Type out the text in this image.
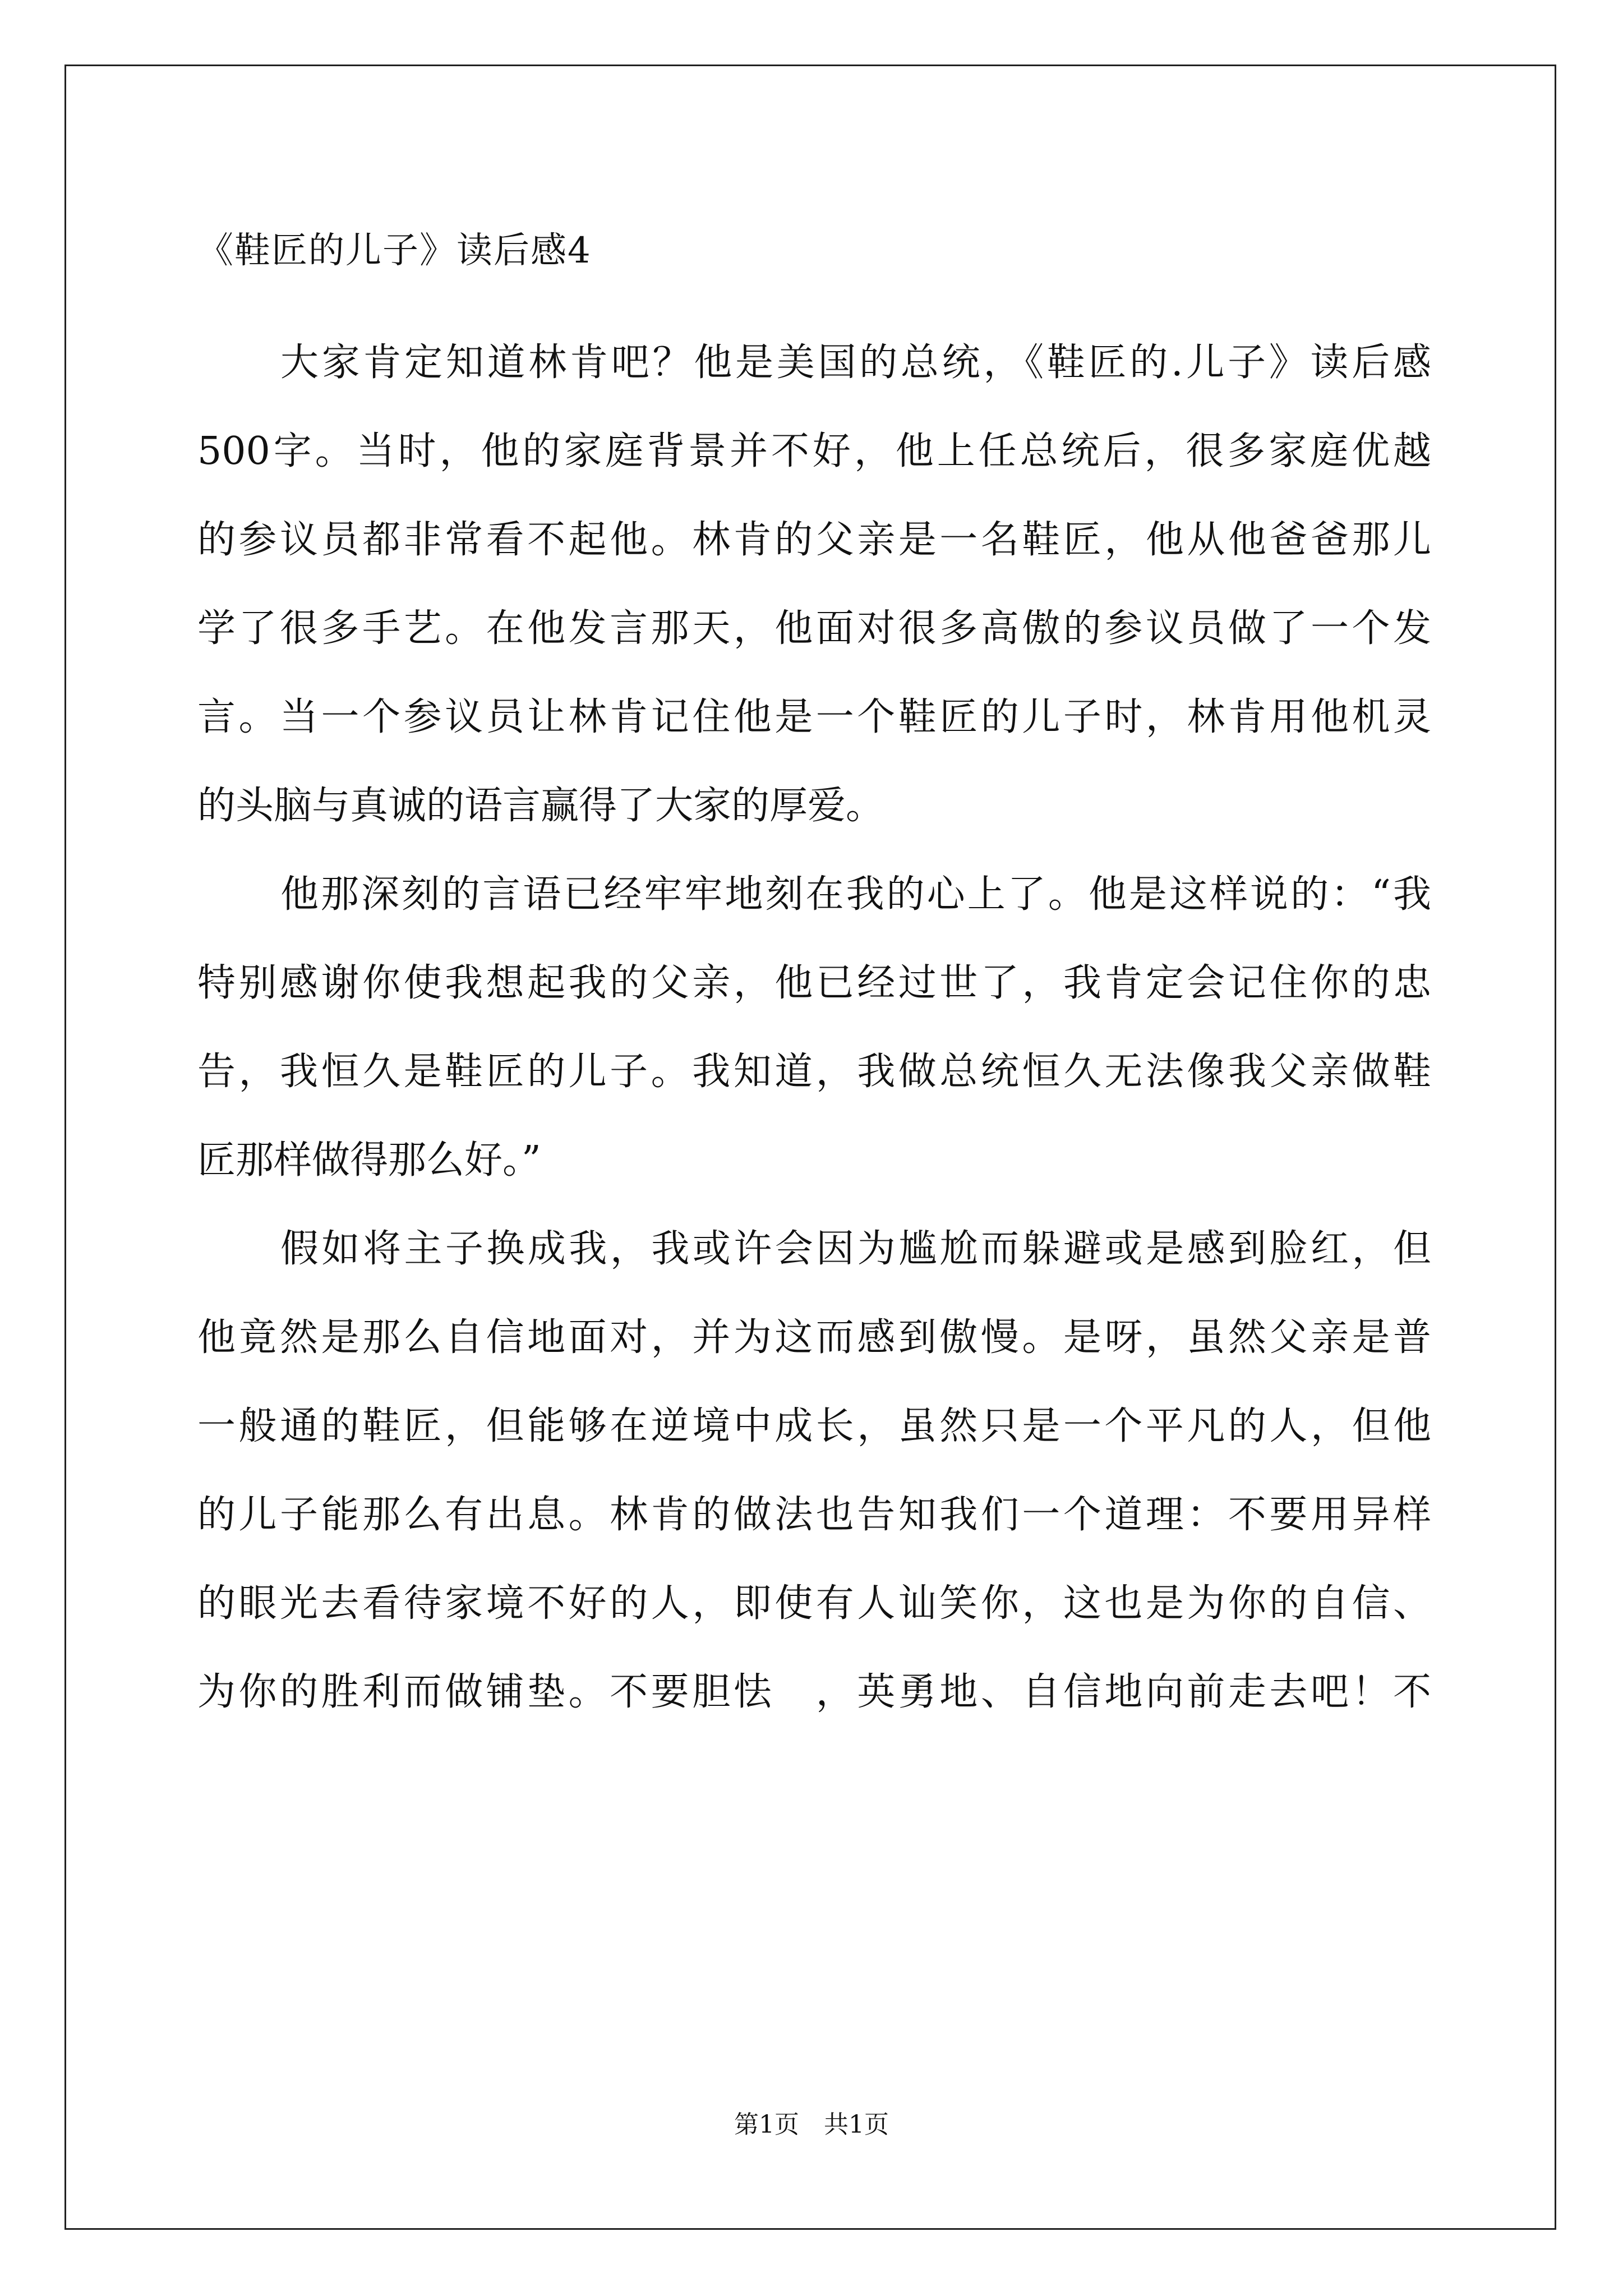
《鞋匠的儿子》读后感4

大家肯定知道林肯吧？他是美国的总统，《鞋匠的.儿子》读后感

500字。当时，他的家庭背景并不好，他上任总统后，很多家庭优越

的参议员都非常看不起他。林肯的父亲是一名鞋匠，他从他爸爸那儿

学了很多手艺。在他发言那天，他面对很多高傲的参议员做了一个发

言。当一个参议员让林肯记住他是一个鞋匠的儿子时，林肯用他机灵

的头脑与真诚的语言赢得了大家的厚爱。

他那深刻的言语已经牢牢地刻在我的心上了。他是这样说的：“我

特别感谢你使我想起我的父亲，他已经过世了，我肯定会记住你的忠

告，我恒久是鞋匠的儿子。我知道，我做总统恒久无法像我父亲做鞋

匠那样做得那么好。”

假如将主子换成我，我或许会因为尴尬而躲避或是感到脸红，但

他竟然是那么自信地面对，并为这而感到傲慢。是呀，虽然父亲是普

一般通的鞋匠，但能够在逆境中成长，虽然只是一个平凡的人，但他

的儿子能那么有出息。林肯的做法也告知我们一个道理：不要用异样

的眼光去看待家境不好的人，即使有人讪笑你，这也是为你的自信、

为你的胜利而做铺垫。不要胆怯　，英勇地、自信地向前走去吧！不

第1页　共1页
